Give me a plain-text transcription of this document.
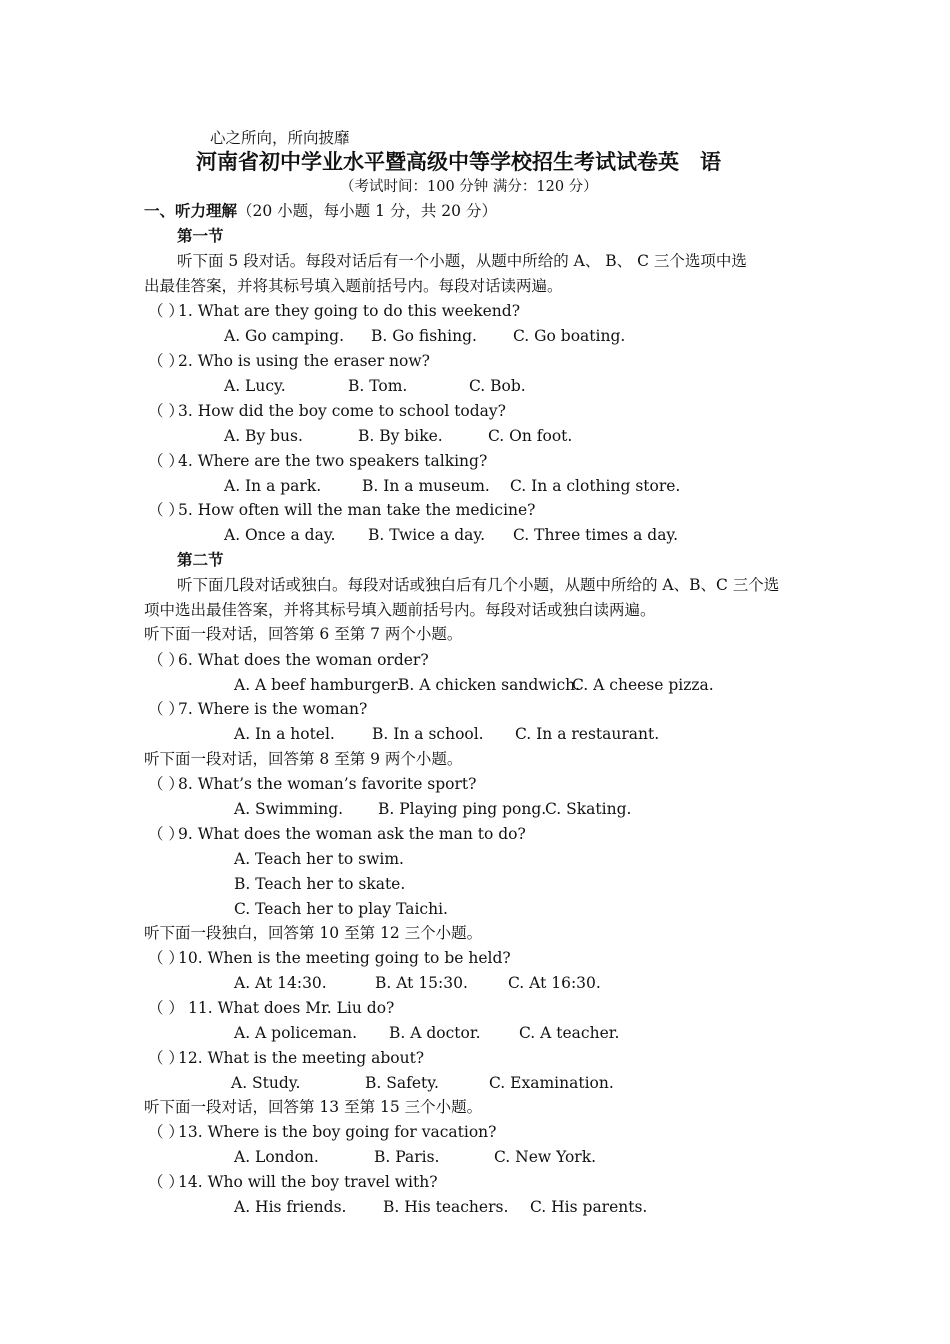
心之所向，所向披靡
河南省初中学业水平暨高级中等学校招生考试试卷英　语
（考试时间：100 分钟 满分：120 分）
一、听力理解（20 小题，每小题 1 分，共 20 分）
第一节
听下面 5 段对话。每段对话后有一个小题，从题中所给的 A、 B、 C 三个选项中选
出最佳答案，并将其标号填入题前括号内。每段对话读两遍。
（ ）1. What are they going to do this weekend?
A. Go camping. B. Go fishing. C. Go boating.
（ ）2. Who is using the eraser now?
A. Lucy.	B. Tom.	C. Bob.
（ ）3. How did the boy come to school today?
A. By bus.	B. By bike.	C. On foot.
（ ）4. Where are the two speakers talking?
A. In a park.	B. In a museum. C. In a clothing store.
（ ）5. How often will the man take the medicine?
A. Once a day. B. Twice a day. C. Three times a day.
第二节
听下面几段对话或独白。每段对话或独白后有几个小题，从题中所给的 A、B、C 三个选
项中选出最佳答案，并将其标号填入题前括号内。每段对话或独白读两遍。
听下面一段对话，回答第 6 至第 7 两个小题。
（ ）6. What does the woman order?
A. A beef hamburger.
B. A chicken sandwich.
C. A cheese pizza.
（ ）7. Where is the woman?
A. In a hotel. B. In a school. C. In a restaurant.
听下面一段对话，回答第 8 至第 9 两个小题。
（ ）8. What’s the woman’s favorite sport?
A. Swimming. B. Playing ping pong.
C. Skating.
（ ）9. What does the woman ask the man to do?
A. Teach her to swim.
B. Teach her to skate.
C. Teach her to play Taichi.
听下面一段独白，回答第 10 至第 12 三个小题。
（ ）10. When is the meeting going to be held?
A. At 14:30.	B. At 15:30.	C. At 16:30.
（ ） 11. What does Mr. Liu do?
A. A policeman. B. A doctor. C. A teacher.
（ ）12. What is the meeting about?
A. Study.	B. Safety.	C. Examination.
听下面一段对话，回答第 13 至第 15 三个小题。
（ ）13. Where is the boy going for vacation?
A. London.	B. Paris.	C. New York.
（ ）14. Who will the boy travel with?
A. His friends. B. His teachers. C. His parents.
